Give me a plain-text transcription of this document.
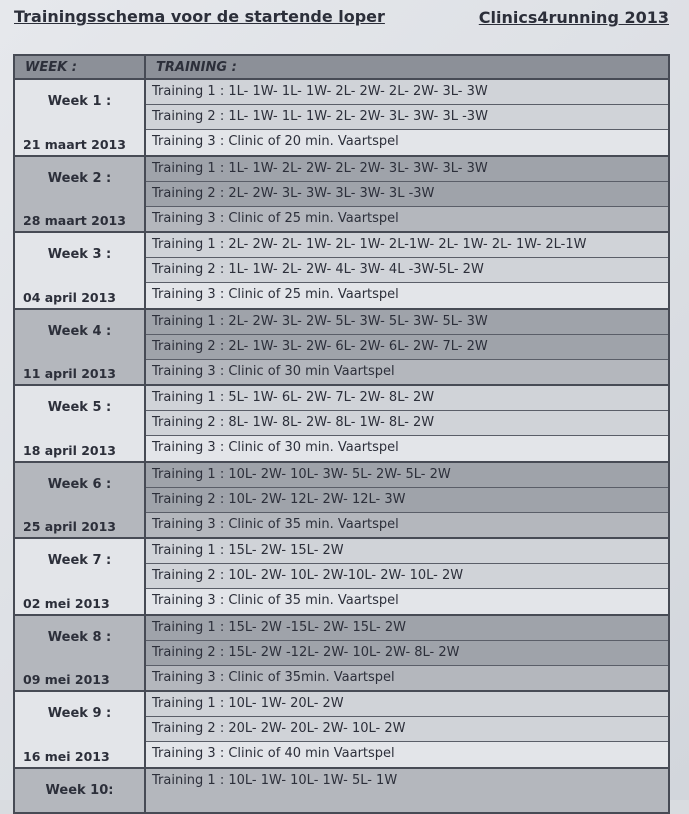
Trainingsschema voor de startende loper	Clinics4running 2013
WEEK :	TRAINING :
Week 1 :
21 maart 2013
Training 1 : 1L- 1W- 1L- 1W- 2L- 2W- 2L- 2W- 3L- 3W
Training 2 : 1L- 1W- 1L- 1W- 2L- 2W- 3L- 3W- 3L -3W
Training 3 : Clinic of 20 min. Vaartspel
Week 2 :
28 maart 2013
Training 1 : 1L- 1W- 2L- 2W- 2L- 2W- 3L- 3W- 3L- 3W
Training 2 : 2L- 2W- 3L- 3W- 3L- 3W- 3L -3W
Training 3 : Clinic of 25 min. Vaartspel
Week 3 :
04 april 2013
Training 1 : 2L- 2W- 2L- 1W- 2L- 1W- 2L-1W- 2L- 1W- 2L- 1W- 2L-1W
Training 2 : 1L- 1W- 2L- 2W- 4L- 3W- 4L -3W-5L- 2W
Training 3 : Clinic of 25 min. Vaartspel
Week 4 :
11 april 2013
Training 1 : 2L- 2W- 3L- 2W- 5L- 3W- 5L- 3W- 5L- 3W
Training 2 : 2L- 1W- 3L- 2W- 6L- 2W- 6L- 2W- 7L- 2W
Training 3 : Clinic of 30 min Vaartspel
Week 5 :
18 april 2013
Training 1 : 5L- 1W- 6L- 2W- 7L- 2W- 8L- 2W
Training 2 : 8L- 1W- 8L- 2W- 8L- 1W- 8L- 2W
Training 3 : Clinic of 30 min. Vaartspel
Week 6 :
25 april 2013
Training 1 : 10L- 2W- 10L- 3W- 5L- 2W- 5L- 2W
Training 2 : 10L- 2W- 12L- 2W- 12L- 3W
Training 3 : Clinic of 35 min. Vaartspel
Week 7 :
02 mei 2013
Training 1 : 15L- 2W- 15L- 2W
Training 2 : 10L- 2W- 10L- 2W-10L- 2W- 10L- 2W
Training 3 : Clinic of 35 min. Vaartspel
Week 8 :
09 mei 2013
Training 1 : 15L- 2W -15L- 2W- 15L- 2W
Training 2 : 15L- 2W -12L- 2W- 10L- 2W- 8L- 2W
Training 3 : Clinic of 35min. Vaartspel
Week 9 :
16 mei 2013
Training 1 : 10L- 1W- 20L- 2W
Training 2 : 20L- 2W- 20L- 2W- 10L- 2W
Training 3 : Clinic of 40 min Vaartspel
Week 10:
Training 1 : 10L- 1W- 10L- 1W- 5L- 1W
